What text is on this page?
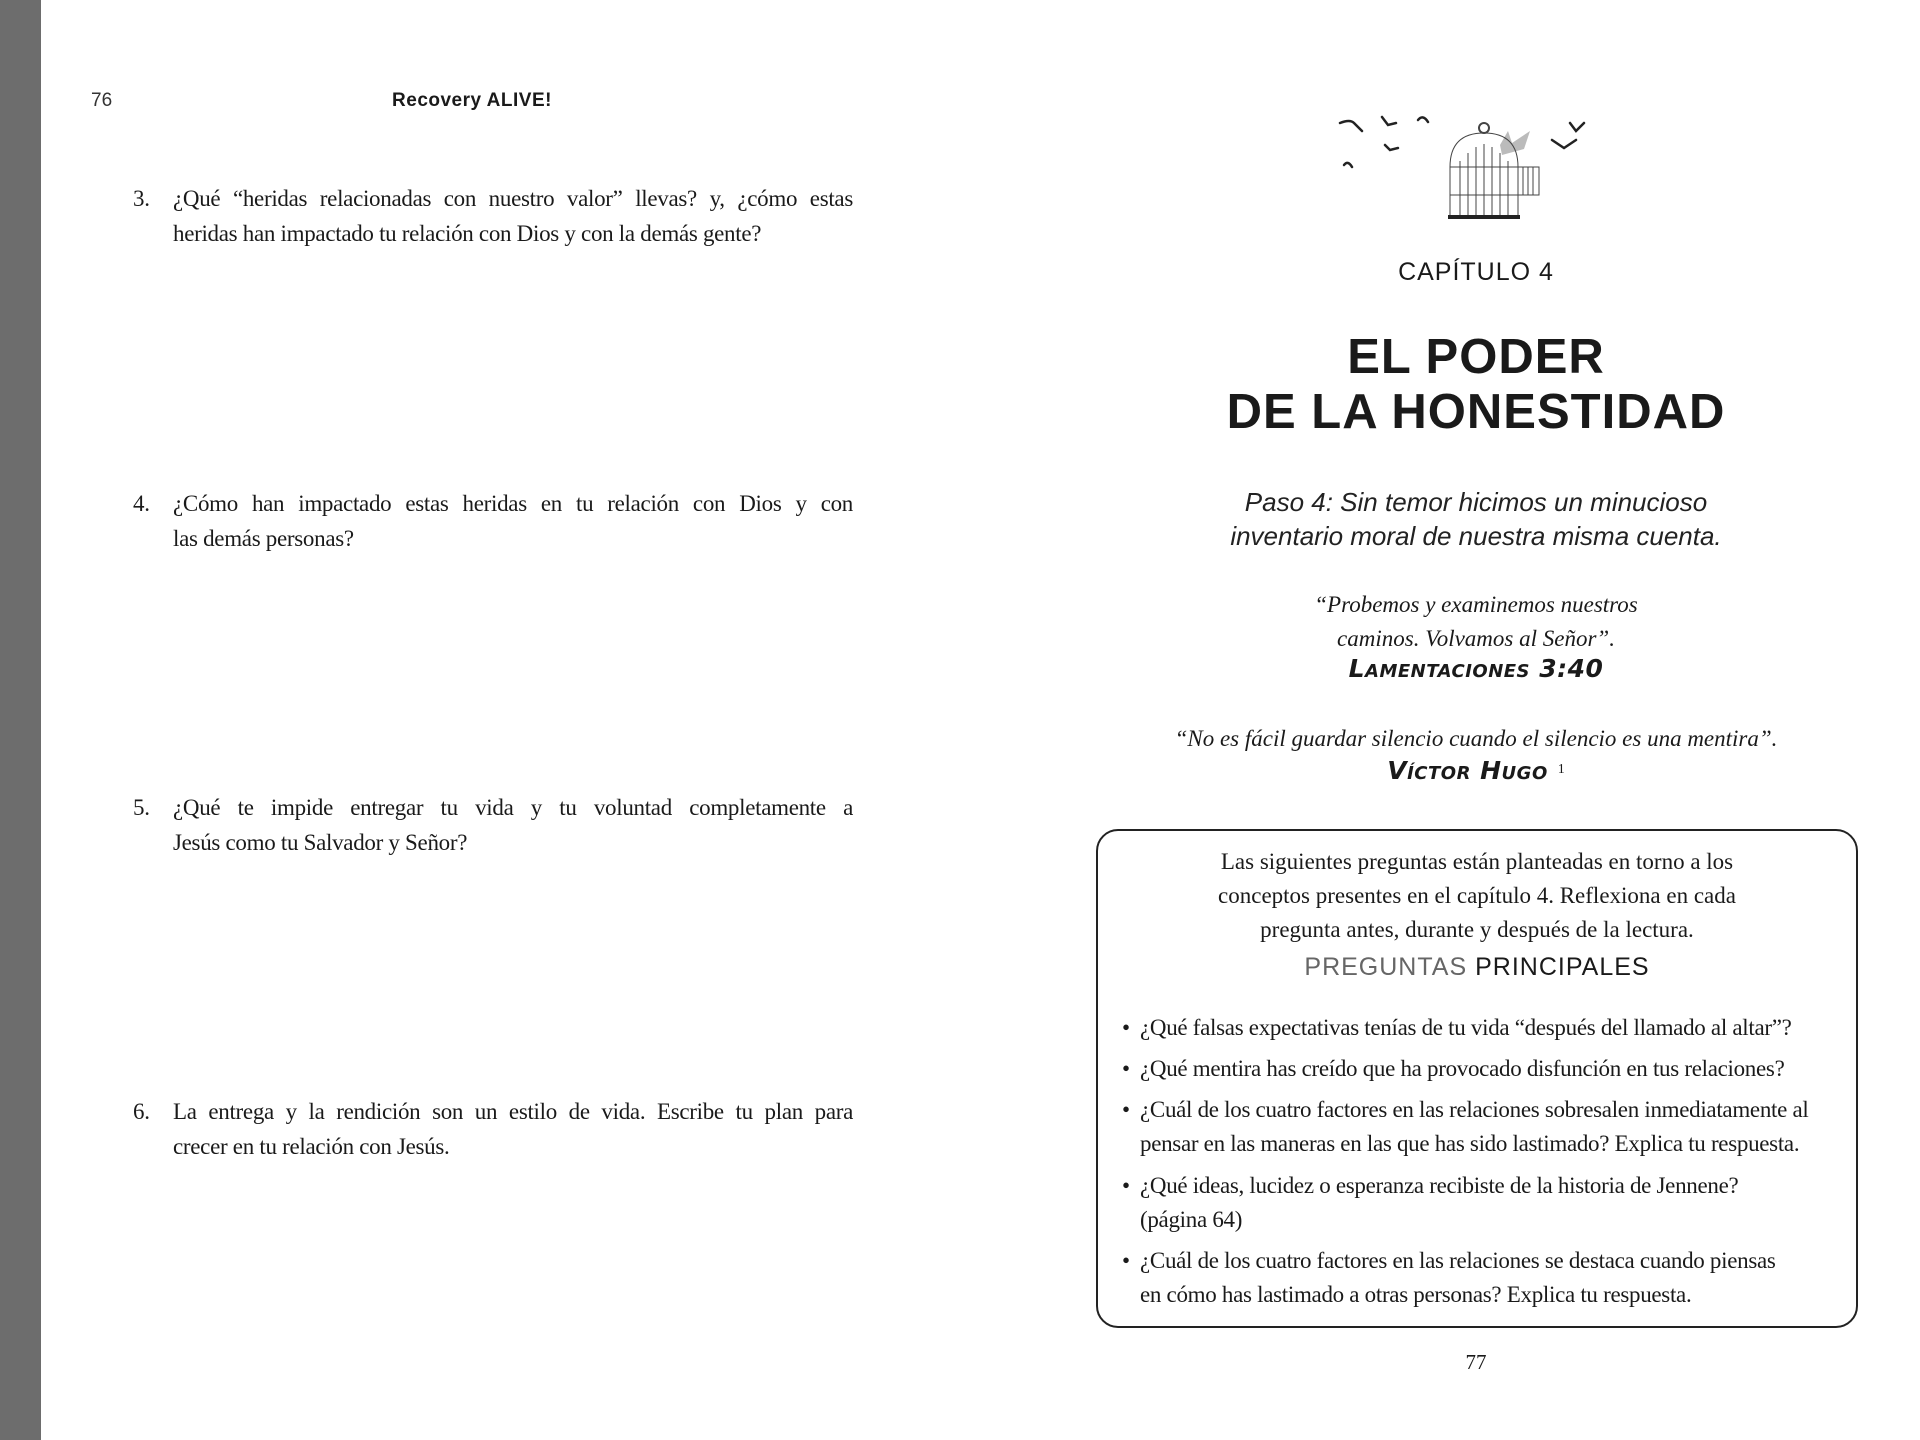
76	Recovery ALIVE!
3. ¿Qué “heridas relacionadas con nuestro valor” llevas? y, ¿cómo estas
heridas han impactado tu relación con Dios y con la demás gente?
4. ¿Cómo han impactado estas heridas en tu relación con Dios y con
las demás personas?
5. ¿Qué te impide entregar tu vida y tu voluntad completamente a
Jesús como tu Salvador y Señor?
6. La entrega y la rendición son un estilo de vida. Escribe tu plan para
crecer en tu relación con Jesús.
CAPÍTULO 4
EL PODER
DE LA HONESTIDAD
Paso 4: Sin temor hicimos un minucioso
inventario moral de nuestra misma cuenta.
“Probemos y examinemos nuestros
caminos. Volvamos al Señor”.
Lamentaciones 3:40
“No es fácil guardar silencio cuando el silencio es una mentira”.
Víctor Hugo $^1$
Las siguientes preguntas están planteadas en torno a los
conceptos presentes en el capítulo 4. Reflexiona en cada
pregunta antes, durante y después de la lectura.
PREGUNTAS PRINCIPALES
• ¿Qué falsas expectativas tenías de tu vida “después del llamado al altar”?
• ¿Qué mentira has creído que ha provocado disfunción en tus relaciones?
• ¿Cuál de los cuatro factores en las relaciones sobresalen inmediatamente al
pensar en las maneras en las que has sido lastimado? Explica tu respuesta.
• ¿Qué ideas, lucidez o esperanza recibiste de la historia de Jennene?
(página 64)
• ¿Cuál de los cuatro factores en las relaciones se destaca cuando piensas
en cómo has lastimado a otras personas? Explica tu respuesta.
77
